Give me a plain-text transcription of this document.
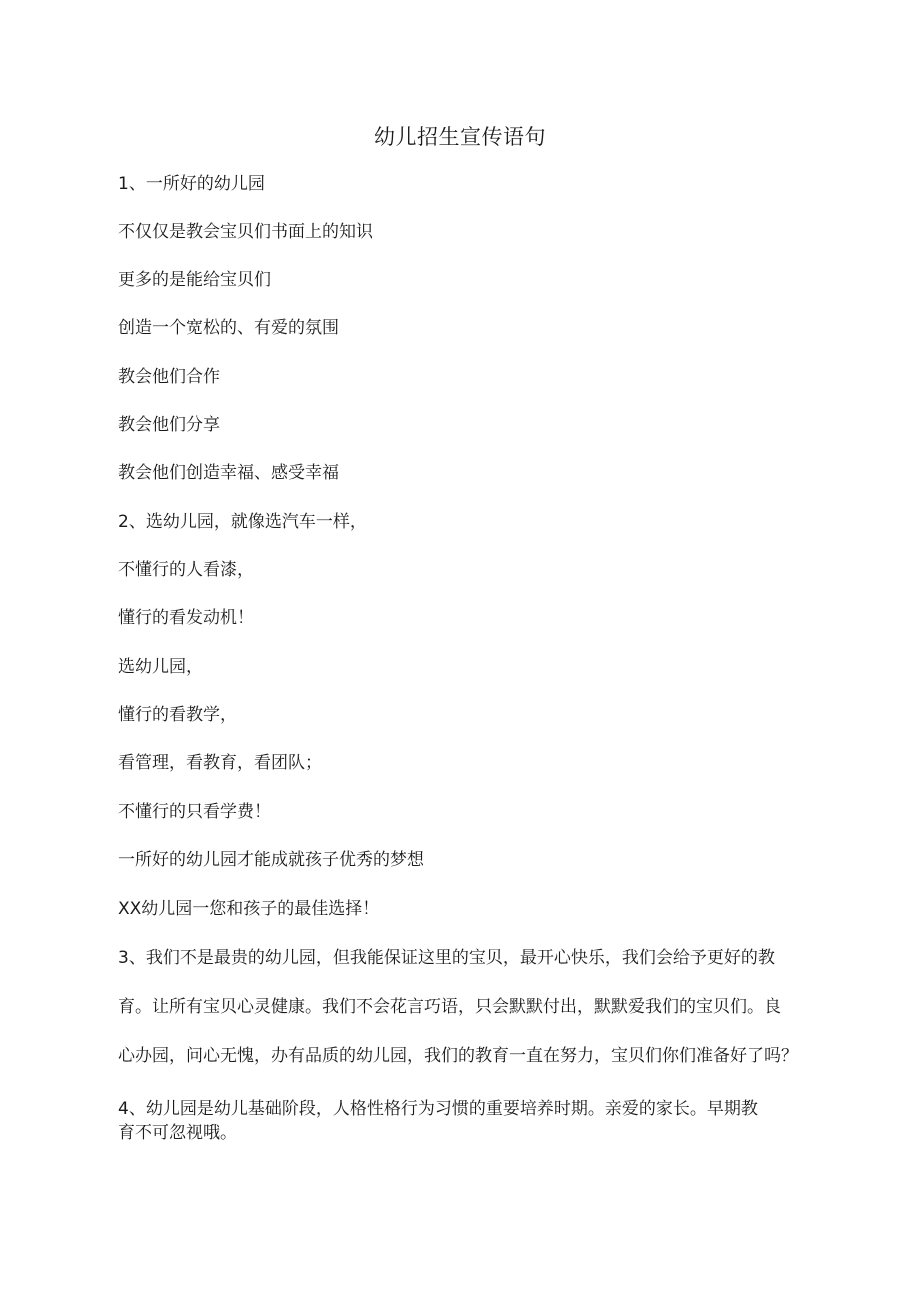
幼儿招生宣传语句
1、一所好的幼儿园
不仅仅是教会宝贝们书面上的知识
更多的是能给宝贝们
创造一个宽松的、有爱的氛围
教会他们合作
教会他们分享
教会他们创造幸福、感受幸福
2、选幼儿园，就像选汽车一样，
不懂行的人看漆，
懂行的看发动机！
选幼儿园，
懂行的看教学，
看管理，看教育，看团队；
不懂行的只看学费！
一所好的幼儿园才能成就孩子优秀的梦想
XX幼儿园一您和孩子的最佳选择！
3、我们不是最贵的幼儿园，但我能保证这里的宝贝，最开心快乐，我们会给予更好的教
育。让所有宝贝心灵健康。我们不会花言巧语，只会默默付出，默默爱我们的宝贝们。良
心办园，问心无愧，办有品质的幼儿园，我们的教育一直在努力，宝贝们你们准备好了吗？
4、幼儿园是幼儿基础阶段，人格性格行为习惯的重要培养时期。亲爱的家长。早期教
育不可忽视哦。
